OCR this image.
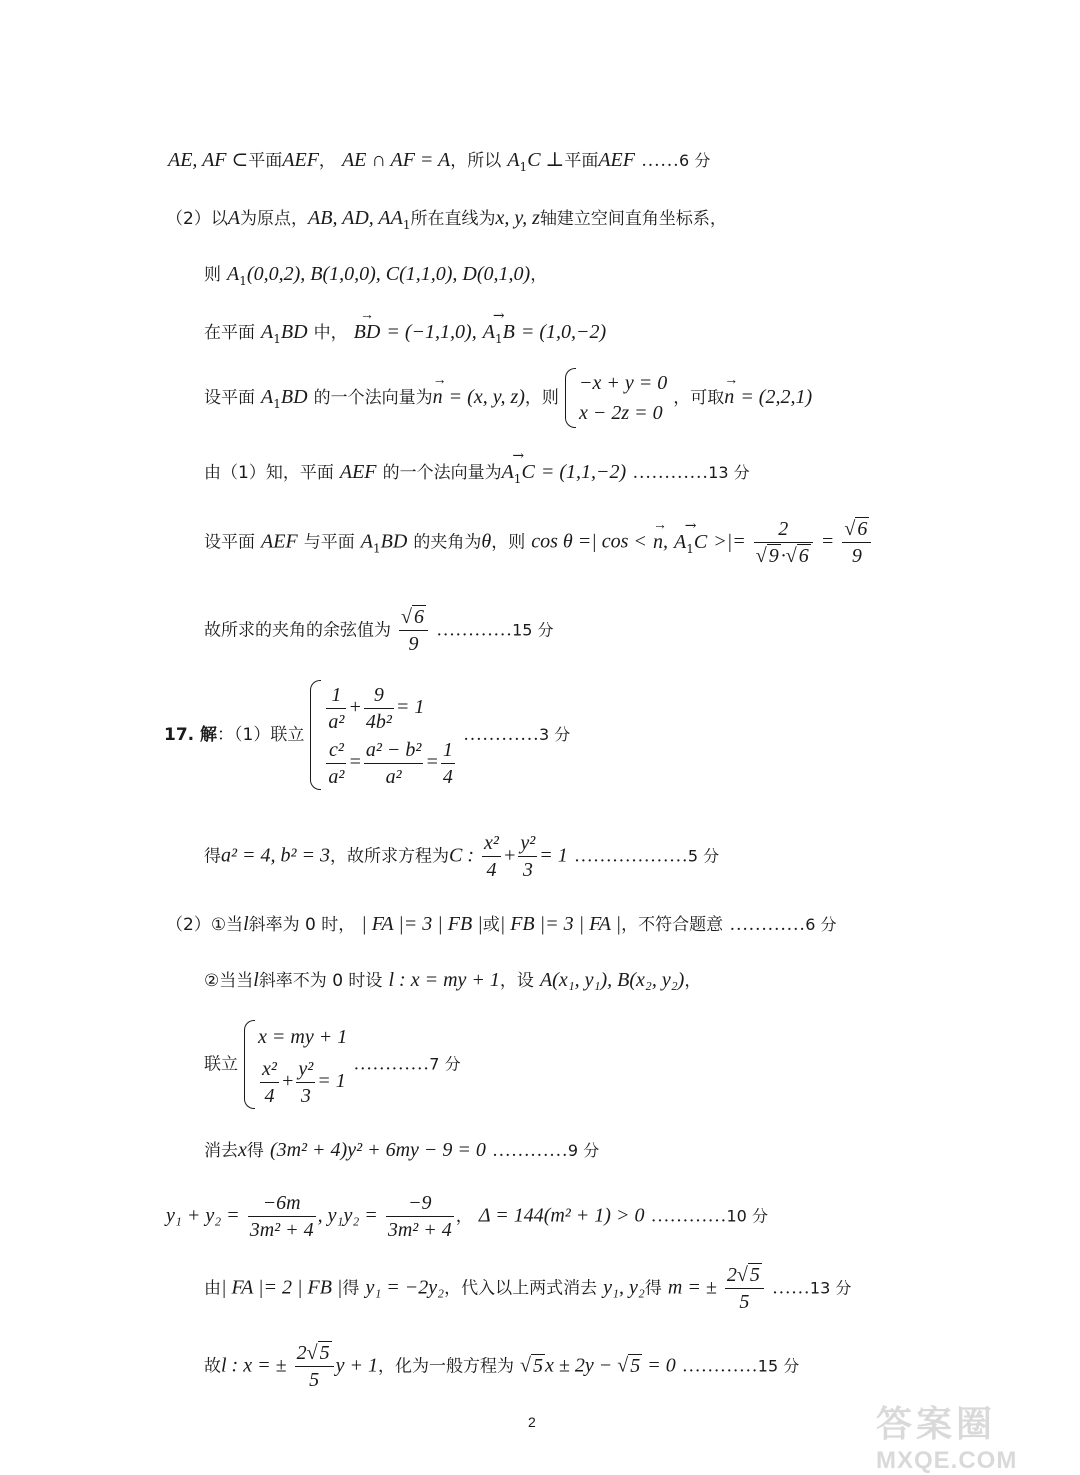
AE, AF ⊂平面AEF， AE ∩ AF = A，所以 $A_1C$ ⊥平面AEF ……6 分
（2）以A为原点，AB, AD, $AA_1$所在直线为x, y, z轴建立空间直角坐标系，
则 $A_1(0,0,2)$, B(1,0,0), C(1,1,0), D(0,1,0)，
在平面 $A_1BD$ 中， → BD = (−1,1,0), → $A_1B = (1,0,-2)$
设平面 $A_1BD$ 的一个法向量为→ n = (x, y, z)，则
−x + y = 0
x − 2z = 0
，可取→ n = (2,2,1)
由（1）知，平面 AEF 的一个法向量为→ $A_1C = (1,1,-2)$ …………13 分
设平面 AEF 与平面 $A_1BD$ 的夹角为θ，则 cos θ =| cos < → n, → $A_1C$ >|= $\frac{2}{√ 9 \cdot√ 6} = \frac{√ 6}{9}$
故所求的夹角的余弦值为 $\frac{√ 6}{9}$ …………15 分
17. 解：（1）联立 $\frac{1}{\text{a²}} + \frac{9}{\text{4b²}} = 1$
$\frac{\text{c²}}{\text{a²}} = \frac{\text{a² − b²}}{\text{a²}} = \frac{1}{4}$
…………3 分
得a² = 4, b² = 3，故所求方程为C : $\frac{\text{x²}}{4} + \frac{\text{y²}}{3} = 1$ ………………5 分
（2）①当l斜率为 0 时， | FA |= 3 | FB |或| FB |= 3 | FA |，不符合题意 …………6 分
②当当l斜率不为 0 时设 l : x = my + 1，设 A(x₁, y₁), B(x₂, y₂)，
联立
x = my + 1
$\frac{\text{x²}}{4} + \frac{\text{y²}}{3} = 1$
…………7 分
消去x得 (3m² + 4)y² + 6my − 9 = 0 …………9 分
$y_1 + y_2 = \frac{-6m}{\text{3m² + 4}}$ , $y_1y_2 = \frac{-9}{\text{3m² + 4}}$ ， Δ = 144(m² + 1) > 0 …………10 分
由| FA |= 2 | FB |得 y₁ = −2y₂，代入以上两式消去 y₁, y₂得 m = ± $\frac{2√ 5}{5}$ ……13 分
故l : x = ± $\frac{2√ 5}{5}$ y + 1，化为一般方程为 √ 5 x ± 2y − √ 5 = 0 …………15 分
2	答案圈
MXQE.COM
